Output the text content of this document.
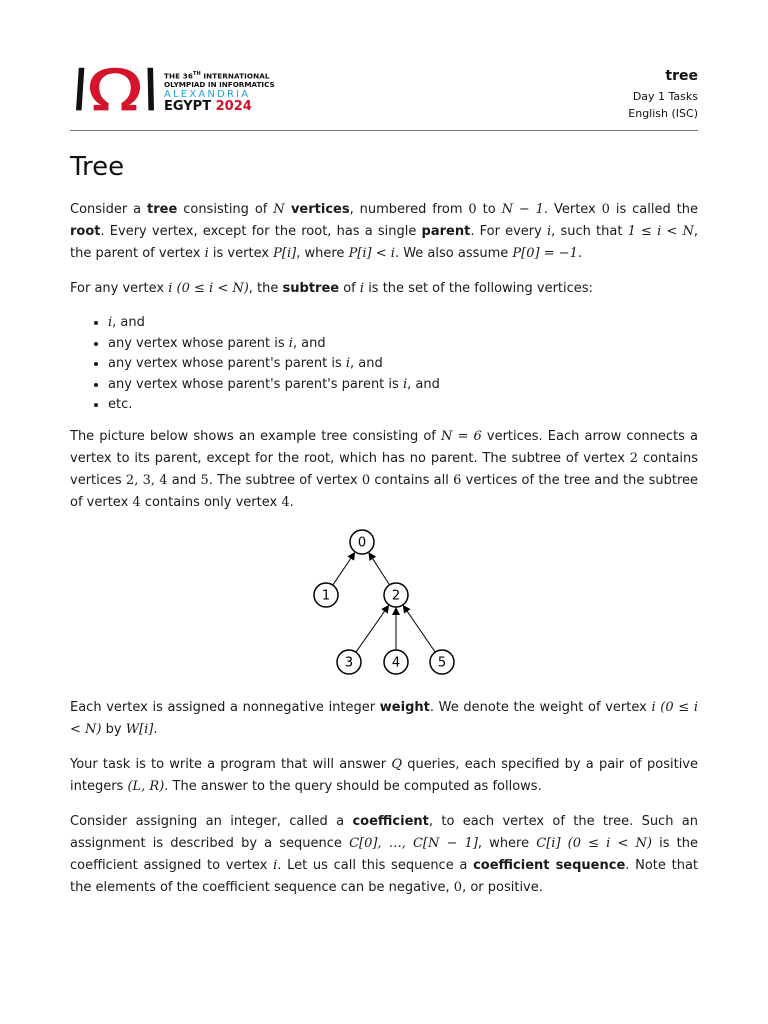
THE 36TH INTERNATIONAL
OLYMPIAD IN INFORMATICS
ALEXANDRIA
EGYPT 2024
tree
Day 1 Tasks
English (ISC)
Tree

Consider a tree consisting of N vertices, numbered from 0 to N − 1. Vertex 0 is called the root. Every vertex, except for the root, has a single parent. For every i, such that 1 ≤ i < N, the parent of vertex i is vertex P[i], where P[i] < i. We also assume P[0] = −1.

For any vertex i (0 ≤ i < N), the subtree of i is the set of the following vertices:

• i, and
• any vertex whose parent is i, and
• any vertex whose parent's parent is i, and
• any vertex whose parent's parent's parent is i, and
• etc.

The picture below shows an example tree consisting of N = 6 vertices. Each arrow connects a vertex to its parent, except for the root, which has no parent. The subtree of vertex 2 contains vertices 2, 3, 4 and 5. The subtree of vertex 0 contains all 6 vertices of the tree and the subtree of vertex 4 contains only vertex 4.

0
1	2
3	4	5

Each vertex is assigned a nonnegative integer weight. We denote the weight of vertex i (0 ≤ i < N) by W[i].

Your task is to write a program that will answer Q queries, each specified by a pair of positive integers (L, R). The answer to the query should be computed as follows.

Consider assigning an integer, called a coefficient, to each vertex of the tree. Such an assignment is described by a sequence C[0], …, C[N − 1], where C[i] (0 ≤ i < N) is the coefficient assigned to vertex i. Let us call this sequence a coefficient sequence. Note that the elements of the coefficient sequence can be negative, 0, or positive.
